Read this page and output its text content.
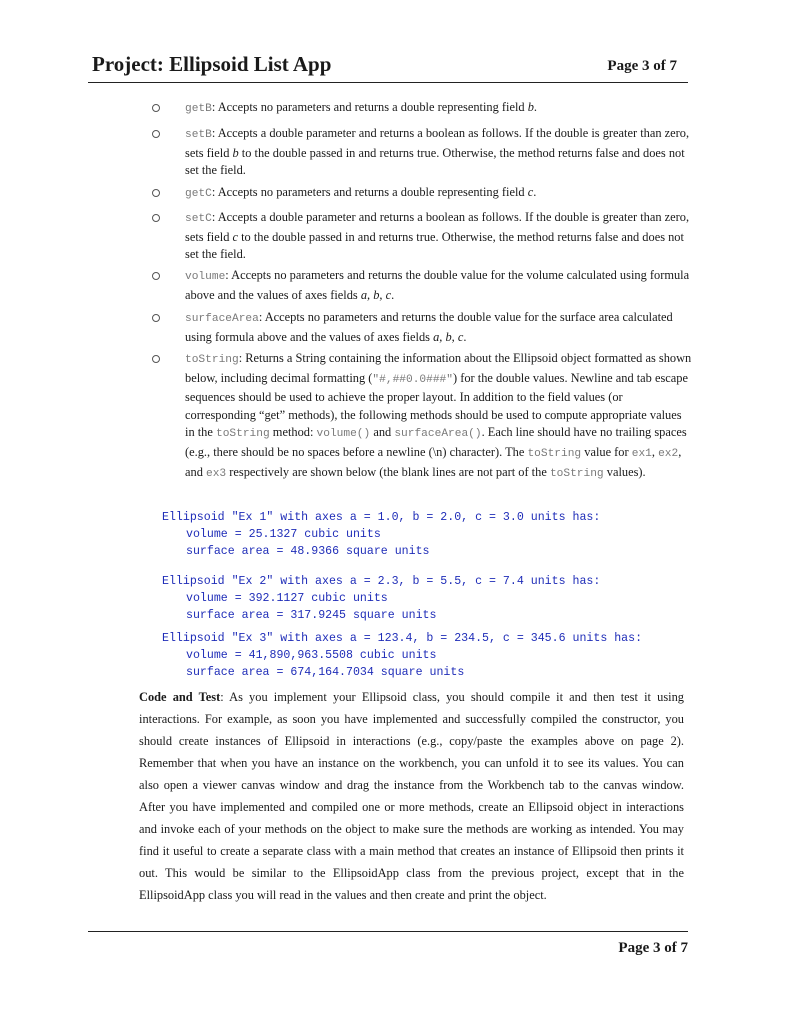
Project: Ellipsoid List App	Page 3 of 7
getB: Accepts no parameters and returns a double representing field b.
setB: Accepts a double parameter and returns a boolean as follows. If the double is greater than zero, sets field b to the double passed in and returns true. Otherwise, the method returns false and does not set the field.
getC: Accepts no parameters and returns a double representing field c.
setC: Accepts a double parameter and returns a boolean as follows. If the double is greater than zero, sets field c to the double passed in and returns true. Otherwise, the method returns false and does not set the field.
volume: Accepts no parameters and returns the double value for the volume calculated using formula above and the values of axes fields a, b, c.
surfaceArea: Accepts no parameters and returns the double value for the surface area calculated using formula above and the values of axes fields a, b, c.
toString: Returns a String containing the information about the Ellipsoid object formatted as shown below, including decimal formatting ("#,##0.0###") for the double values. Newline and tab escape sequences should be used to achieve the proper layout. In addition to the field values (or corresponding “get” methods), the following methods should be used to compute appropriate values in the toString method: volume() and surfaceArea(). Each line should have no trailing spaces (e.g., there should be no spaces before a newline (\n) character). The toString value for ex1, ex2, and ex3 respectively are shown below (the blank lines are not part of the toString values).
Ellipsoid "Ex 1" with axes a = 1.0, b = 2.0, c = 3.0 units has:
volume = 25.1327 cubic units
surface area = 48.9366 square units
Ellipsoid "Ex 2" with axes a = 2.3, b = 5.5, c = 7.4 units has:
volume = 392.1127 cubic units
surface area = 317.9245 square units
Ellipsoid "Ex 3" with axes a = 123.4, b = 234.5, c = 345.6 units has:
volume = 41,890,963.5508 cubic units
surface area = 674,164.7034 square units
Code and Test: As you implement your Ellipsoid class, you should compile it and then test it using interactions. For example, as soon you have implemented and successfully compiled the constructor, you should create instances of Ellipsoid in interactions (e.g., copy/paste the examples above on page 2). Remember that when you have an instance on the workbench, you can unfold it to see its values. You can also open a viewer canvas window and drag the instance from the Workbench tab to the canvas window. After you have implemented and compiled one or more methods, create an Ellipsoid object in interactions and invoke each of your methods on the object to make sure the methods are working as intended. You may find it useful to create a separate class with a main method that creates an instance of Ellipsoid then prints it out. This would be similar to the EllipsoidApp class from the previous project, except that in the EllipsoidApp class you will read in the values and then create and print the object.
Page 3 of 7
